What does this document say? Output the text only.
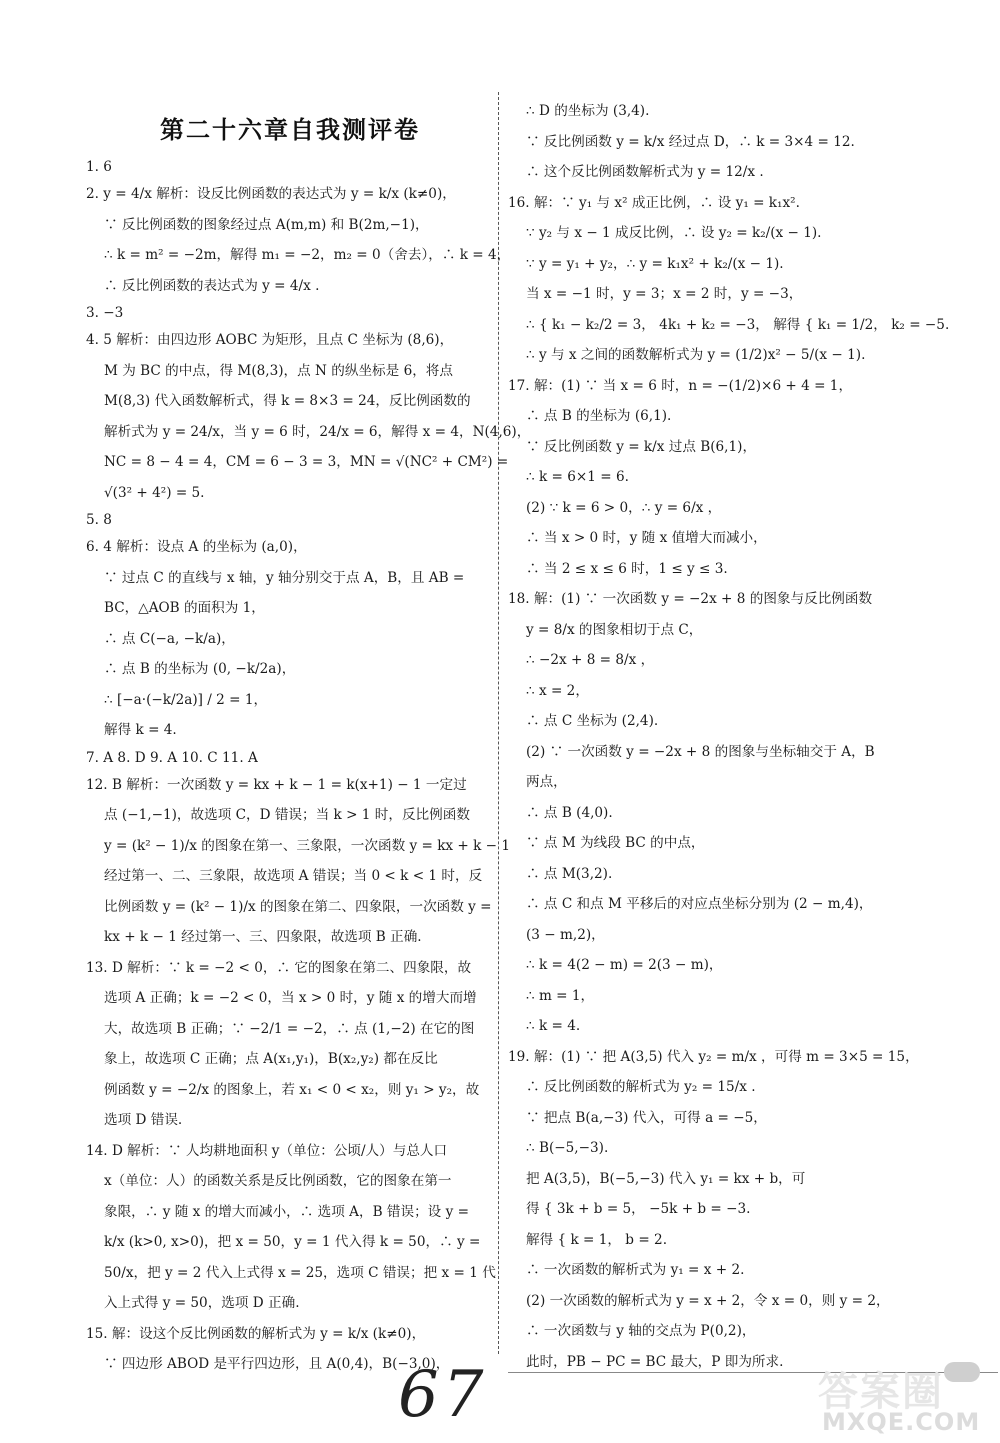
第二十六章自我测评卷
1. 6
2. y = 4/x 解析：设反比例函数的表达式为 y = k/x (k≠0)，
∵ 反比例函数的图象经过点 A(m,m) 和 B(2m,−1)，
∴ k = m² = −2m，解得 m₁ = −2，m₂ = 0（舍去），∴ k = 4，
∴ 反比例函数的表达式为 y = 4/x .
3. −3
4. 5 解析：由四边形 AOBC 为矩形，且点 C 坐标为 (8,6)，
M 为 BC 的中点，得 M(8,3)，点 N 的纵坐标是 6，将点
M(8,3) 代入函数解析式，得 k = 8×3 = 24，反比例函数的
解析式为 y = 24/x，当 y = 6 时，24/x = 6，解得 x = 4，N(4,6)，
NC = 8 − 4 = 4，CM = 6 − 3 = 3，MN = √(NC² + CM²) =
√(3² + 4²) = 5.
5. 8
6. 4 解析：设点 A 的坐标为 (a,0)，
∵ 过点 C 的直线与 x 轴，y 轴分别交于点 A，B，且 AB =
BC，△AOB 的面积为 1，
∴ 点 C(−a, −k/a)，
∴ 点 B 的坐标为 (0, −k/2a)，
∴ [−a·(−k/2a)] / 2 = 1，
解得 k = 4.
7. A 8. D 9. A 10. C 11. A
12. B 解析：一次函数 y = kx + k − 1 = k(x+1) − 1 一定过
点 (−1,−1)，故选项 C，D 错误；当 k > 1 时，反比例函数
y = (k² − 1)/x 的图象在第一、三象限，一次函数 y = kx + k − 1
经过第一、二、三象限，故选项 A 错误；当 0 < k < 1 时，反
比例函数 y = (k² − 1)/x 的图象在第二、四象限，一次函数 y =
kx + k − 1 经过第一、三、四象限，故选项 B 正确.
13. D 解析：∵ k = −2 < 0，∴ 它的图象在第二、四象限，故
选项 A 正确；k = −2 < 0，当 x > 0 时，y 随 x 的增大而增
大，故选项 B 正确；∵ −2/1 = −2，∴ 点 (1,−2) 在它的图
象上，故选项 C 正确；点 A(x₁,y₁)，B(x₂,y₂) 都在反比
例函数 y = −2/x 的图象上，若 x₁ < 0 < x₂，则 y₁ > y₂，故
选项 D 错误.
14. D 解析：∵ 人均耕地面积 y（单位：公顷/人）与总人口
x（单位：人）的函数关系是反比例函数，它的图象在第一
象限，∴ y 随 x 的增大而减小，∴ 选项 A，B 错误；设 y =
k/x (k>0, x>0)，把 x = 50，y = 1 代入得 k = 50，∴ y =
50/x，把 y = 2 代入上式得 x = 25，选项 C 错误；把 x = 1 代
入上式得 y = 50，选项 D 正确.
15. 解：设这个反比例函数的解析式为 y = k/x (k≠0)，
∵ 四边形 ABOD 是平行四边形，且 A(0,4)，B(−3,0)，
∴ D 的坐标为 (3,4).
∵ 反比例函数 y = k/x 经过点 D，∴ k = 3×4 = 12.
∴ 这个反比例函数解析式为 y = 12/x .
16. 解：∵ y₁ 与 x² 成正比例，∴ 设 y₁ = k₁x².
∵ y₂ 与 x − 1 成反比例，∴ 设 y₂ = k₂/(x − 1).
∵ y = y₁ + y₂，∴ y = k₁x² + k₂/(x − 1).
当 x = −1 时，y = 3；x = 2 时，y = −3，
∴ { k₁ − k₂/2 = 3， 4k₁ + k₂ = −3， 解得 { k₁ = 1/2， k₂ = −5.
∴ y 与 x 之间的函数解析式为 y = (1/2)x² − 5/(x − 1).
17. 解：(1) ∵ 当 x = 6 时，n = −(1/2)×6 + 4 = 1，
∴ 点 B 的坐标为 (6,1).
∵ 反比例函数 y = k/x 过点 B(6,1)，
∴ k = 6×1 = 6.
(2) ∵ k = 6 > 0，∴ y = 6/x ，
∴ 当 x > 0 时，y 随 x 值增大而减小，
∴ 当 2 ≤ x ≤ 6 时，1 ≤ y ≤ 3.
18. 解：(1) ∵ 一次函数 y = −2x + 8 的图象与反比例函数
y = 8/x 的图象相切于点 C，
∴ −2x + 8 = 8/x ，
∴ x = 2，
∴ 点 C 坐标为 (2,4).
(2) ∵ 一次函数 y = −2x + 8 的图象与坐标轴交于 A，B
两点，
∴ 点 B (4,0).
∵ 点 M 为线段 BC 的中点，
∴ 点 M(3,2).
∴ 点 C 和点 M 平移后的对应点坐标分别为 (2 − m,4)，
(3 − m,2)，
∴ k = 4(2 − m) = 2(3 − m)，
∴ m = 1，
∴ k = 4.
19. 解：(1) ∵ 把 A(3,5) 代入 y₂ = m/x ，可得 m = 3×5 = 15，
∴ 反比例函数的解析式为 y₂ = 15/x .
∵ 把点 B(a,−3) 代入，可得 a = −5，
∴ B(−5,−3).
把 A(3,5)，B(−5,−3) 代入 y₁ = kx + b，可
得 { 3k + b = 5， −5k + b = −3.
解得 { k = 1， b = 2.
∴ 一次函数的解析式为 y₁ = x + 2.
(2) 一次函数的解析式为 y = x + 2，令 x = 0，则 y = 2，
∴ 一次函数与 y 轴的交点为 P(0,2)，
此时，PB − PC = BC 最大，P 即为所求.
67	答案圈
MXQE.COM
